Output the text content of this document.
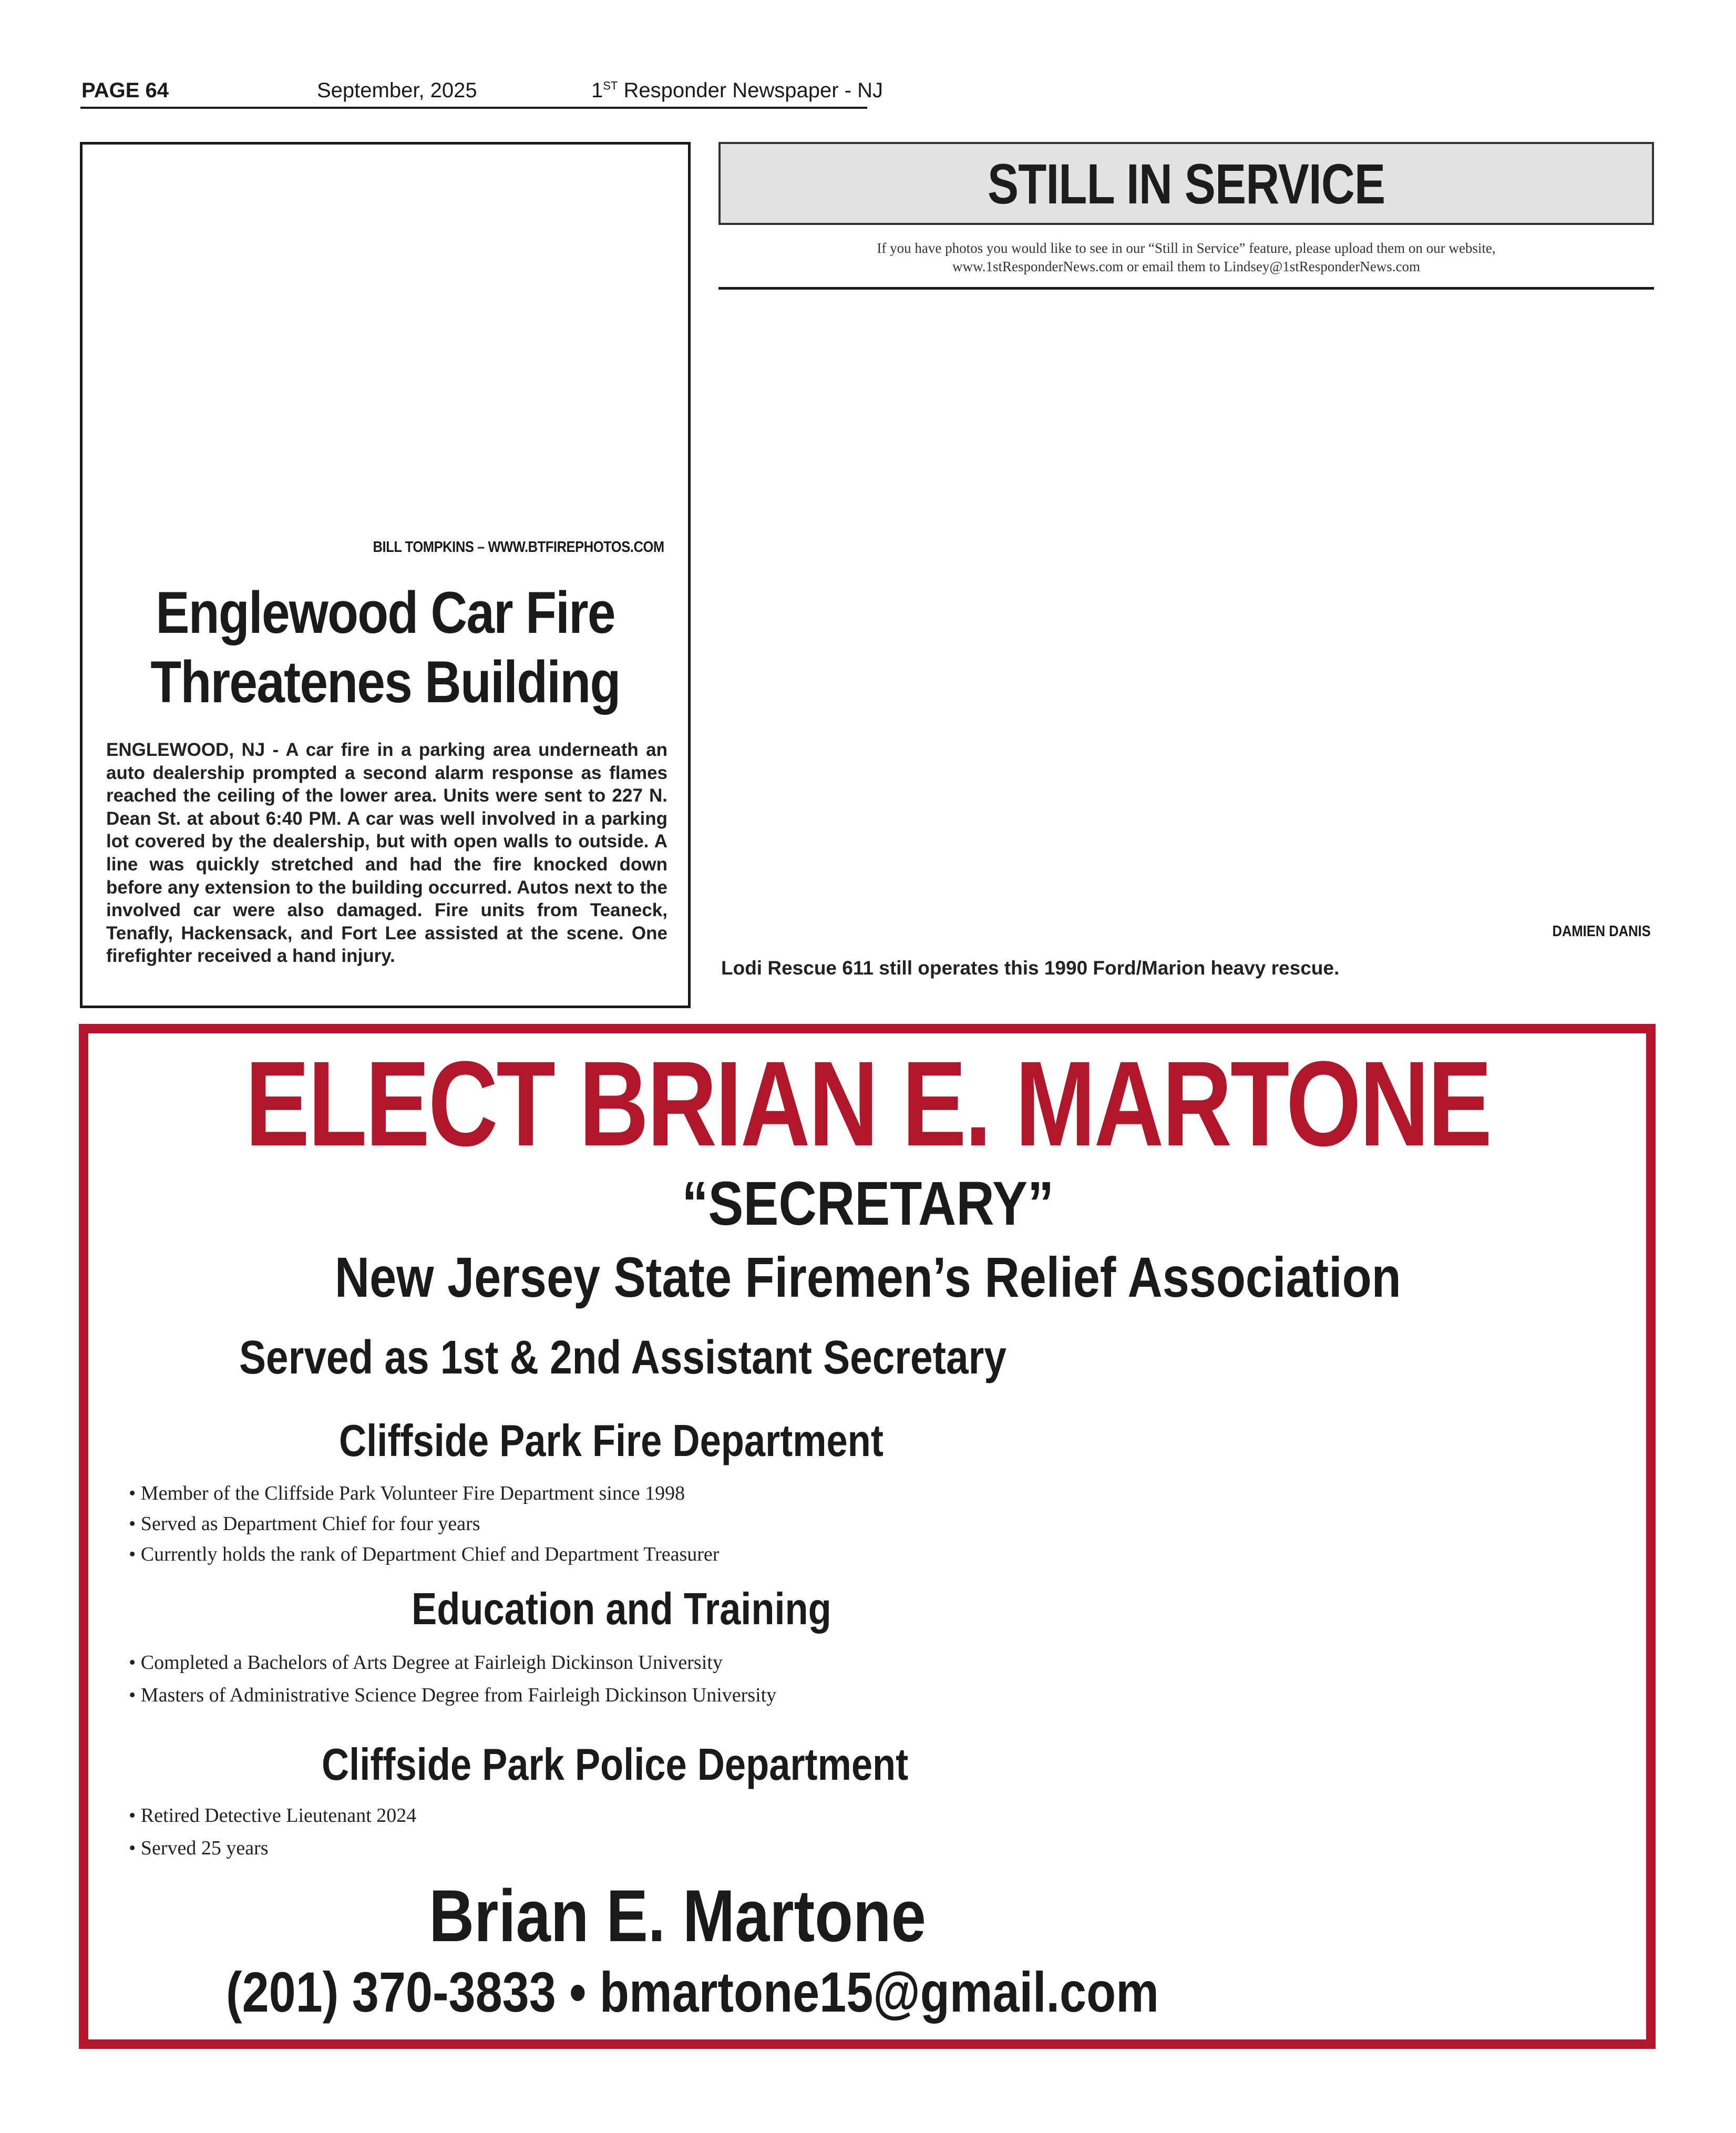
PAGE 64	September, 2025	1ST Responder Newspaper - NJ
BILL TOMPKINS – WWW.BTFIREPHOTOS.COM
Englewood Car Fire
Threatenes Building
ENGLEWOOD, NJ - A car fire in a parking area underneath an auto dealership prompted a second alarm response as flames reached the ceiling of the lower area. Units were sent to 227 N. Dean St. at about 6:40 PM. A car was well involved in a parking lot covered by the dealership, but with open walls to outside. A line was quickly stretched and had the fire knocked down before any extension to the building occurred. Autos next to the involved car were also damaged. Fire units from Teaneck, Tenafly, Hackensack, and Fort Lee assisted at the scene. One firefighter received a hand injury.
STILL IN SERVICE
If you have photos you would like to see in our “Still in Service” feature, please upload them on our website,
www.1stResponderNews.com or email them to Lindsey@1stResponderNews.com
DAMIEN DANIS
Lodi Rescue 611 still operates this 1990 Ford/Marion heavy rescue.
ELECT BRIAN E. MARTONE
“SECRETARY”
New Jersey State Firemen’s Relief Association
Served as 1st & 2nd Assistant Secretary
Cliffside Park Fire Department
• Member of the Cliffside Park Volunteer Fire Department since 1998
• Served as Department Chief for four years
• Currently holds the rank of Department Chief and Department Treasurer
Education and Training
• Completed a Bachelors of Arts Degree at Fairleigh Dickinson University
• Masters of Administrative Science Degree from Fairleigh Dickinson University
Cliffside Park Police Department
• Retired Detective Lieutenant 2024
• Served 25 years
Brian E. Martone
(201) 370-3833 • bmartone15@gmail.com
